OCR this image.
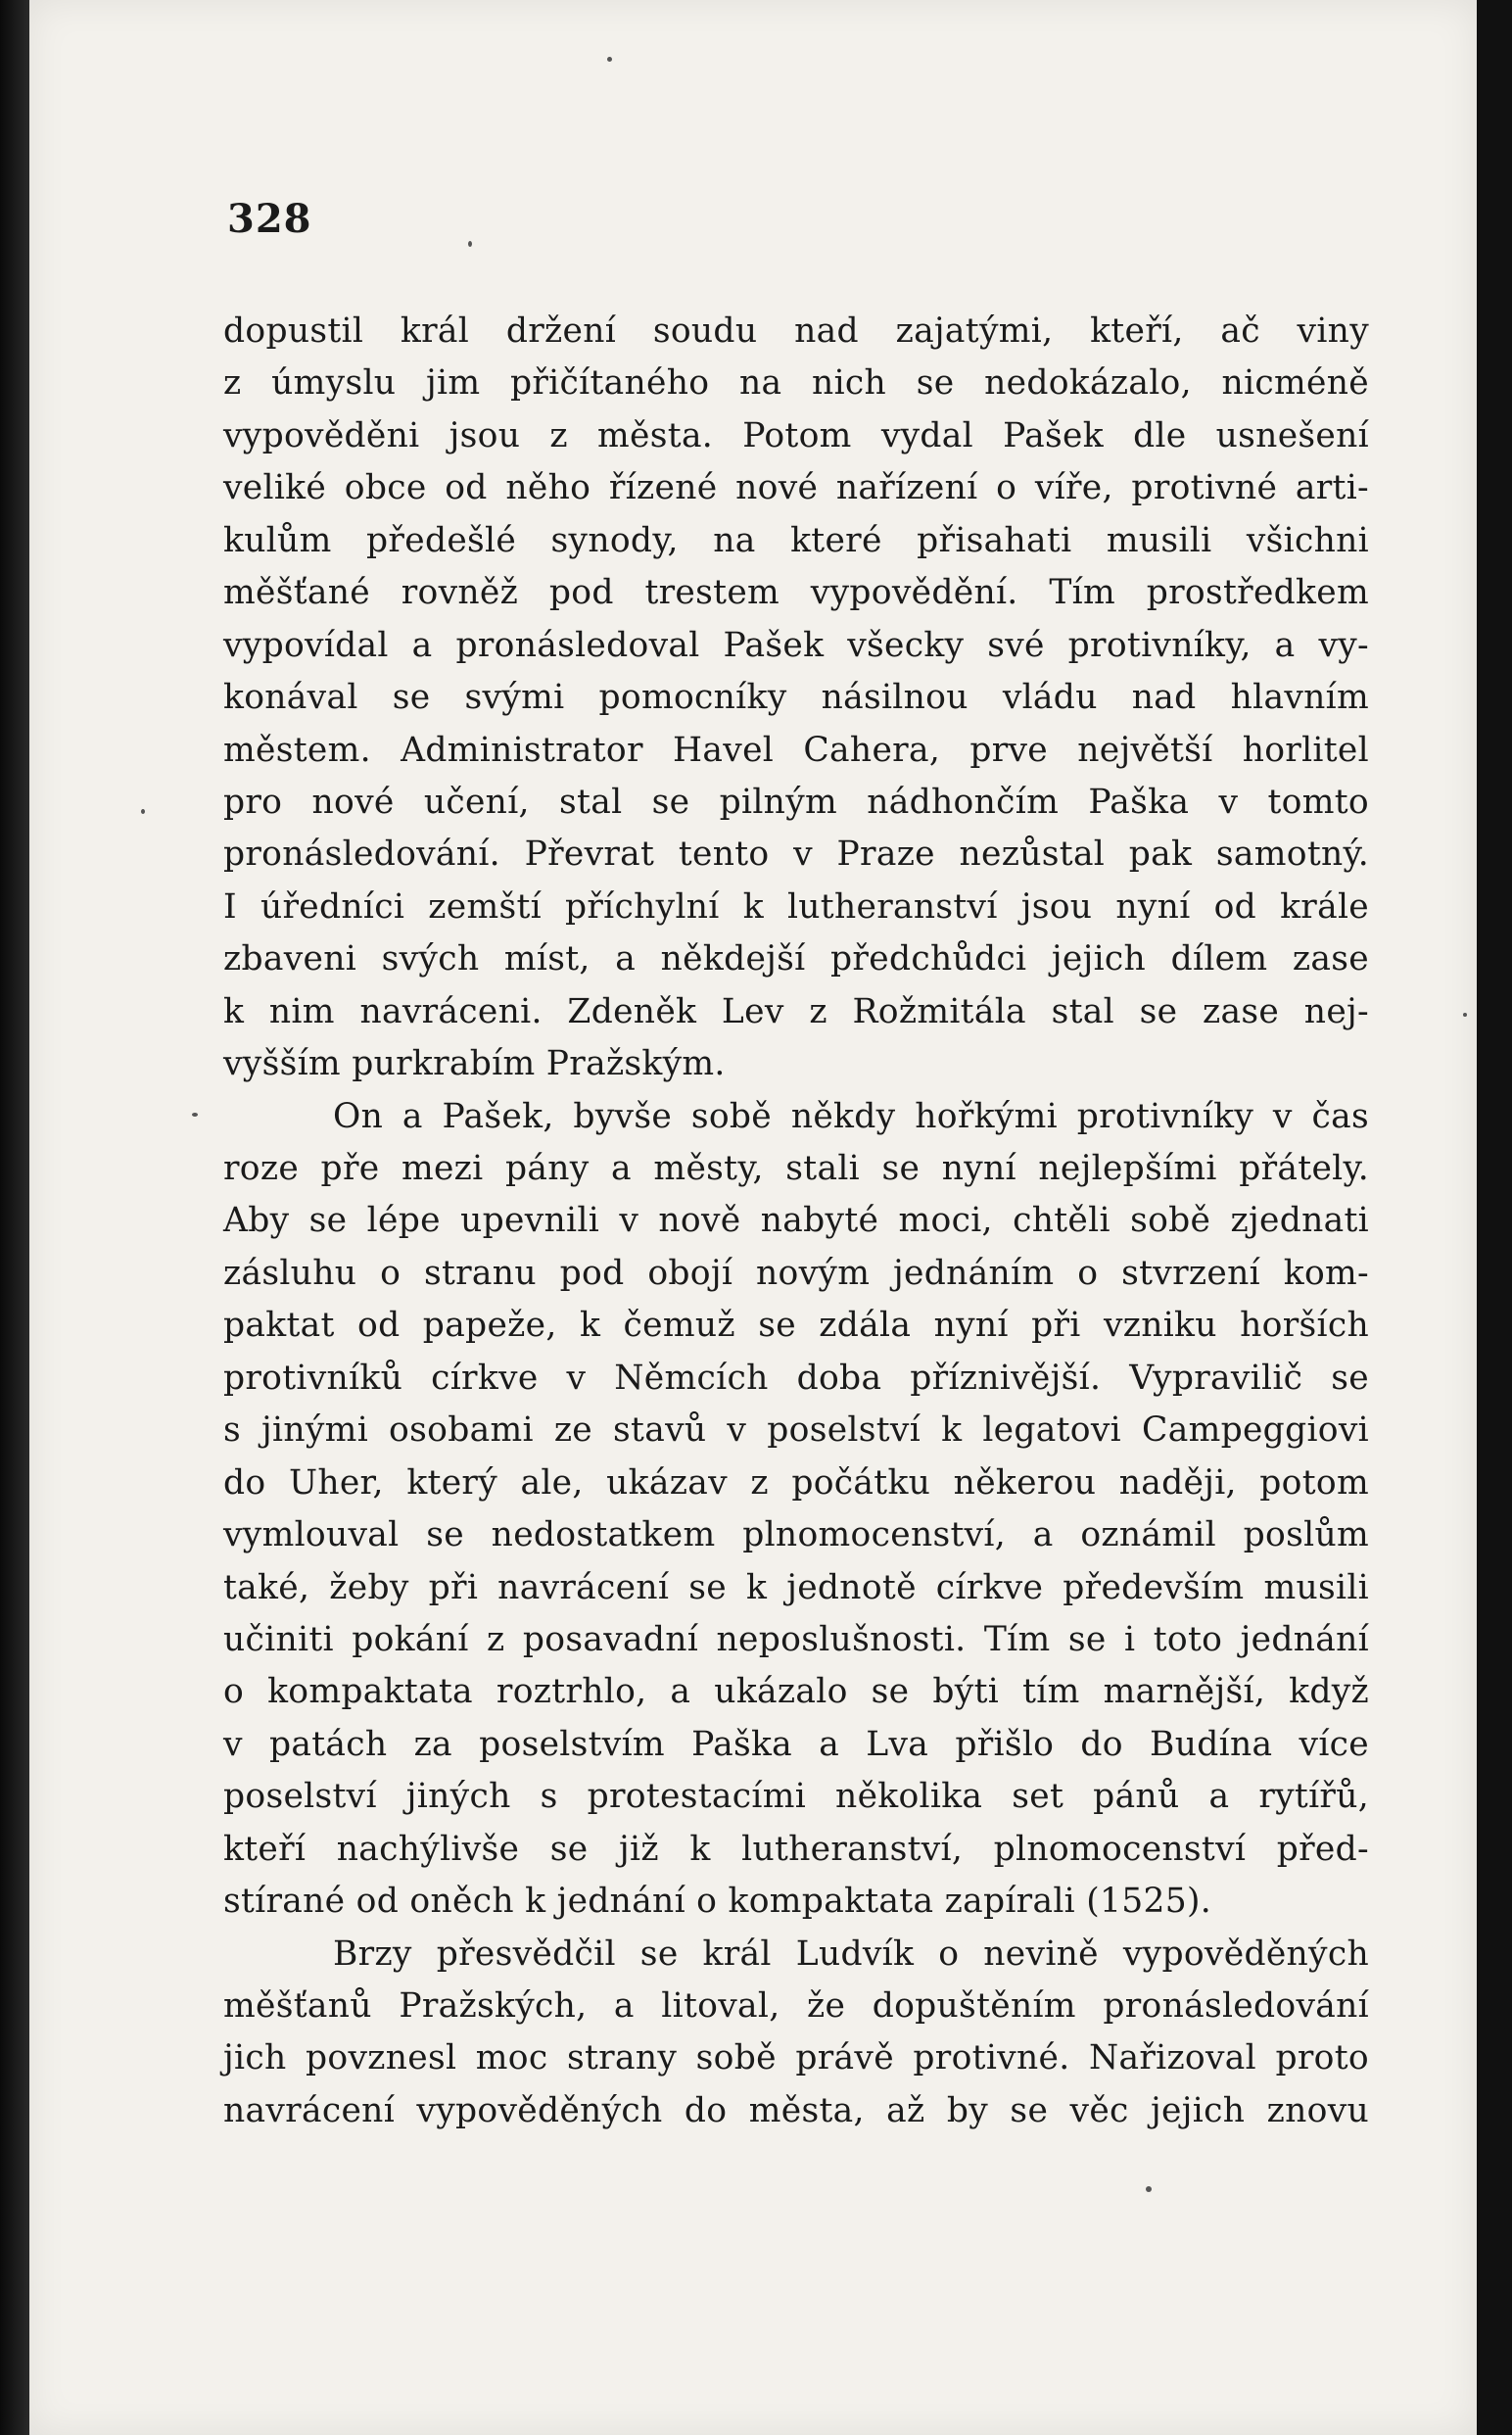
328
dopustil král držení soudu nad zajatými, kteří, ač viny
z úmyslu jim přičítaného na nich se nedokázalo, nicméně
vypověděni jsou z města. Potom vydal Pašek dle usnešení
veliké obce od něho řízené nové nařízení o víře, protivné arti-
kulům předešlé synody, na které přisahati musili všichni
měšťané rovněž pod trestem vypovědění. Tím prostředkem
vypovídal a pronásledoval Pašek všecky své protivníky, a vy-
konával se svými pomocníky násilnou vládu nad hlavním
městem. Administrator Havel Cahera, prve největší horlitel
pro nové učení, stal se pilným nádhončím Paška v tomto
pronásledování. Převrat tento v Praze nezůstal pak samotný.
I úředníci zemští příchylní k lutheranství jsou nyní od krále
zbaveni svých míst, a někdejší předchůdci jejich dílem zase
k nim navráceni. Zdeněk Lev z Rožmitála stal se zase nej-
vyšším purkrabím Pražským.
On a Pašek, byvše sobě někdy hořkými protivníky v čas
roze pře mezi pány a městy, stali se nyní nejlepšími přátely.
Aby se lépe upevnili v nově nabyté moci, chtěli sobě zjednati
zásluhu o stranu pod obojí novým jednáním o stvrzení kom-
paktat od papeže, k čemuž se zdála nyní při vzniku horších
protivníků církve v Němcích doba příznivější. Vypravilič se
s jinými osobami ze stavů v poselství k legatovi Campeggiovi
do Uher, který ale, ukázav z počátku někerou naději, potom
vymlouval se nedostatkem plnomocenství, a oznámil poslům
také, žeby při navrácení se k jednotě církve především musili
učiniti pokání z posavadní neposlušnosti. Tím se i toto jednání
o kompaktata roztrhlo, a ukázalo se býti tím marnější, když
v patách za poselstvím Paška a Lva přišlo do Budína více
poselství jiných s protestacími několika set pánů a rytířů,
kteří nachýlivše se již k lutheranství, plnomocenství před-
stírané od oněch k jednání o kompaktata zapírali (1525).
Brzy přesvědčil se král Ludvík o nevině vypověděných
měšťanů Pražských, a litoval, že dopuštěním pronásledování
jich povznesl moc strany sobě právě protivné. Nařizoval proto
navrácení vypověděných do města, až by se věc jejich znovu
